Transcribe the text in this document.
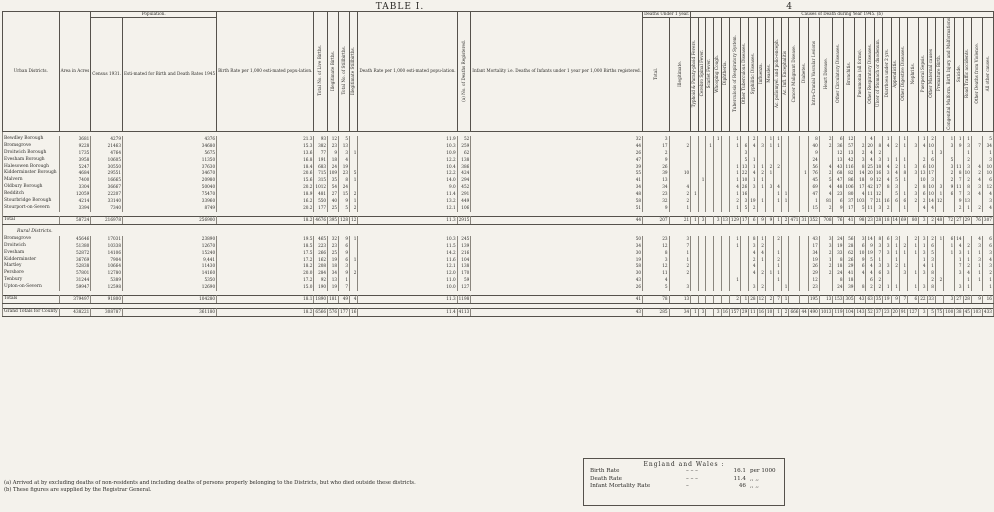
TABLE I.	4
Urban Districts.	Area in Acres	Population.		Birth Rate per 1,000 esti-mated popu-lation.	Total No. of Live Births.	Illegitimate Births.	Total No. of Stillbirths.	Illegitimate Stillbirths.	Death Rate per 1,000 esti-mated popu-lation.	(a) No. of Deaths Registered.	Infant Mortality i.e. Deaths of Infants under 1 year per 1,000 Births registered.	Deaths Under 1 year.		Causes of Death during Year 1945. (b)																																
		Census 1931.	Esti-mated for Birth and Death Rates 1945									Total.	Illegitimate.	Typhoid & Paraty-phoid Fevers.	Cerebro Spinal Fever.	Scarlet Fever.	Whooping Cough.	Diphtheria.	Tuberculosis of Respiratory System.	Other Tuberculous Diseases.	Syphilitic Diseases.	Influenza.	Measles.	Ac. poliomyel. and polio-enceph.	Ac. Infl. Encephalitis	Cancer Malignant Disease.	Diabetes.	Intra-Cranial Vascular Lesions	Heart Disease.	Other Circulatory Diseases.	Bronchitis.	Pneumonia (all forms).	Other Respiratory Diseases.	Ulcer of Stomach or duodenum.	Diarrhoea under 2 yrs.	Appendicitis.	Other Digestive Diseases.	Nephritis.	Puerperal Sepsis.	Other Maternal causes	Premature Birth.	Congenital Malform. Birth Injury and Malformations	Suicide.	Road Traffic accidents.	Other Deaths from Violence.	All other causes.

Bewdley Borough	3681	4279	4376	21.3	93	12	5		11.9	52	32	3					1		1		2		1	1				8	2	6	12		4		1		1		1	2		1	1	1		5
Bromsgrove	9228	21463	34680	15.3	382	23	13		10.3	259	44	17	2			1			1	6	4	3	1	1				40	2	36	57	2	20	8	4	2	1	3	4	10		3	9	3	7	34
Droitwich Borough	1735	4764	5675	13.6	77	9	3	1	10.9	62	26	2								3								9		12	13	2	4	2						1	3			1		1
Evesham Borough	3958	10605	11350	16.8	191	18	4		12.2	138	47	9								5	1							24		13	42	3	4	3	1	1	1		2	6		5		2		3
Halesowen Borough	5247	30550	37630	18.4	683	24	19		10.4	386	39	26							1	13	1	1	2	2				56	4	43	116	8	25	18	4	2	1	3	6	10		3	11	3	4	10
Kidderminster Borough	4684	29551	34670	20.6	715	109	23	5	12.2	424	55	39	10						1	22	4	2	1				1	76	2	68	82	14	20	16	3	4	8	3	13	17		2	8	10	2	10
Malvern	7400	16665	20980	15.6	315	35	8	1	14.0	294	41	13			1				1	10	1	1						45	5	47	86	18	9	12	4	5	1		10	3		2	7	2	4	6
Oldbury Borough	3304	36667	50040	20.2	1012	54	24		9.0	452	34	34	4						4	26	3	1	3	4				69	4	48	106	17	42	17	8	3		2	8	10	3	9	11	8	3	12
Redditch	12059	22207	75470	18.9	481	27	15	2	11.4	291	48	23	2	1					1	16				1	1			47	4	23	80	4	11	12		5	1	3	6	10	1	6	7	3	4	4
Stourbridge Borough	4214	33140	33960	16.2	550	40	9	1	13.2	449	58	32	2						2	3	19	1		1	1			1	81	6	37	103	7	21	16	6	6	2	2	14	12		9	13		3
Stourport-on-Severn	3394	7340	8749	20.2	177	25	5	2	12.1	106	51	9	1						1	5	2							15	2	9	17	5	11	3	2		1		4	4			2	1	2	4

Total	58724	216978	256900	18.2	4676	395	128	12	11.3	2915	44	207	21	1	3		3	13	129	17	6	9	9	1	2	471	31	352	708	76	41	98	23	28	18	14	69	80	3	2	48	72	27	29	76	307
Rural Districts.																																														
Bromsgrove	45646	17031	23890	19.5	465	32	9	1	10.3	245	50	23	3						1		8	1		2				43	3	24	56	3	14	8	6	3		2	3	2	1	6	14		4	6
Droitwich	51380	10338	12670	18.5	223	23	6		11.5	139	34	12	7						1		3	2						17	3	19	28	6	9	3	3	1	2	1	1	6		1	4	2	3	6
Evesham	52872	14106	15240	17.5	266	25	9		14.2	216	30	8	1								4	4		1				34	2	33	62	10	19	7	3	1	1	1	3	5		1	3	1	1	3
Kidderminster	36769	7904	9,441	17.2	162	19	6	1	11.6	104	19	3	1								2	1		2				19	1	8	26	9	5	1		1			1	3			1	1	3	4
Martley	52838	10664	11430	18.2	208	18	3		12.1	138	58	12	2								4			1				26	2	18	29	6	4	3	3	2	1		4	1			7	2	1	3
Pershore	57801	12780	14160	20.0	284	34	9	2	12.0	170	30	11	2								4	2	1	1				29	2	24	41	4	4	6	3		3	1	3	8			3	4	1	2
Tenbury	31244	5389	5350	17.2	92	13	1		11.0	59	43	4							1					1				12		8	18		6	2						2	2			1	1	1
Upton-on-Severn	59947	12598	12690	15.0	190	19	7		10.0	127	26	5	3								3	2			1			23		24	39	8	2	2	1	1		1	3	8			3	1		1

Totals	379497	91800	104280	18.1	1890	181	49	4	11.3	1198	41	78	13						2	1	28	12	2	7	1			195	13	153	305	43	63	35	19	9	7	6	22	33		3	27	28	9	16

Grand Totals for County	438221	308787	361180	18.2	6566	576	177	16	11.4	4113	43	285	34	1	3		3	16	157	29	11	16	10	1	2	666	44	490	1013	119	104	143	52	37	23	20	91	127	3	5	75	100	38	45	103	433
(a) Arrived at by excluding deaths of non-residents and including deaths of persons properly belonging to the Districts, but who died outside these districts.
(b) These figures are supplied by the Registrar General.
England and Wales :
Birth Rate	– – –	16.1 per 1000
Death Rate	– – –	11.4 ,, ,,
Infant Mortality Rate	–	46 ,, ,,
